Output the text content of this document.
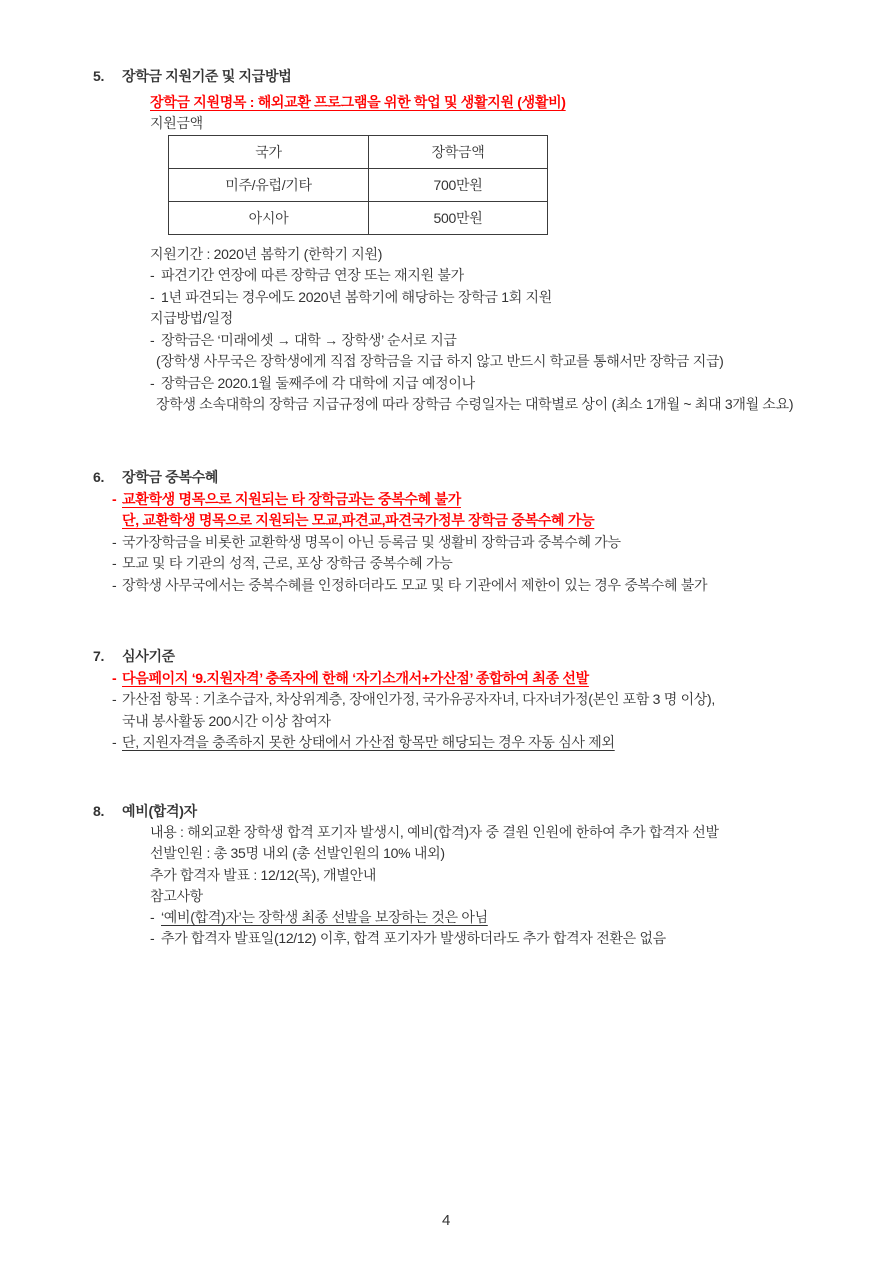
5. 장학금 지원기준 및 지급방법
장학금 지원명목 : 해외교환 프로그램을 위한 학업 및 생활지원 (생활비)
지원금액
국가	장학금액
미주/유럽/기타	700만원
아시아	500만원
지원기간 : 2020년 봄학기 (한학기 지원)
- 파견기간 연장에 따른 장학금 연장 또는 재지원 불가
- 1년 파견되는 경우에도 2020년 봄학기에 해당하는 장학금 1회 지원
지급방법/일정
- 장학금은 ‘미래에셋 → 대학 → 장학생’ 순서로 지급
(장학생 사무국은 장학생에게 직접 장학금을 지급 하지 않고 반드시 학교를 통해서만 장학금 지급)
- 장학금은 2020.1월 둘째주에 각 대학에 지급 예정이나
장학생 소속대학의 장학금 지급규정에 따라 장학금 수령일자는 대학별로 상이 (최소 1개월 ~ 최대 3개월 소요)
6. 장학금 중복수혜
- 교환학생 명목으로 지원되는 타 장학금과는 중복수혜 불가
단, 교환학생 명목으로 지원되는 모교,파견교,파견국가정부 장학금 중복수혜 가능
- 국가장학금을 비롯한 교환학생 명목이 아닌 등록금 및 생활비 장학금과 중복수혜 가능
- 모교 및 타 기관의 성적, 근로, 포상 장학금 중복수혜 가능
- 장학생 사무국에서는 중복수혜를 인정하더라도 모교 및 타 기관에서 제한이 있는 경우 중복수혜 불가
7. 심사기준
- 다음페이지 ‘9.지원자격’ 충족자에 한해 ‘자기소개서+가산점’ 종합하여 최종 선발
- 가산점 항목 : 기초수급자, 차상위계층, 장애인가정, 국가유공자자녀, 다자녀가정(본인 포함 3 명 이상),
국내 봉사활동 200시간 이상 참여자
- 단, 지원자격을 충족하지 못한 상태에서 가산점 항목만 해당되는 경우 자동 심사 제외
8. 예비(합격)자
내용 : 해외교환 장학생 합격 포기자 발생시, 예비(합격)자 중 결원 인원에 한하여 추가 합격자 선발
선발인원 : 총 35명 내외 (총 선발인원의 10% 내외)
추가 합격자 발표 : 12/12(목), 개별안내
참고사항
- ‘예비(합격)자’는 장학생 최종 선발을 보장하는 것은 아님
- 추가 합격자 발표일(12/12) 이후, 합격 포기자가 발생하더라도 추가 합격자 전환은 없음
4
